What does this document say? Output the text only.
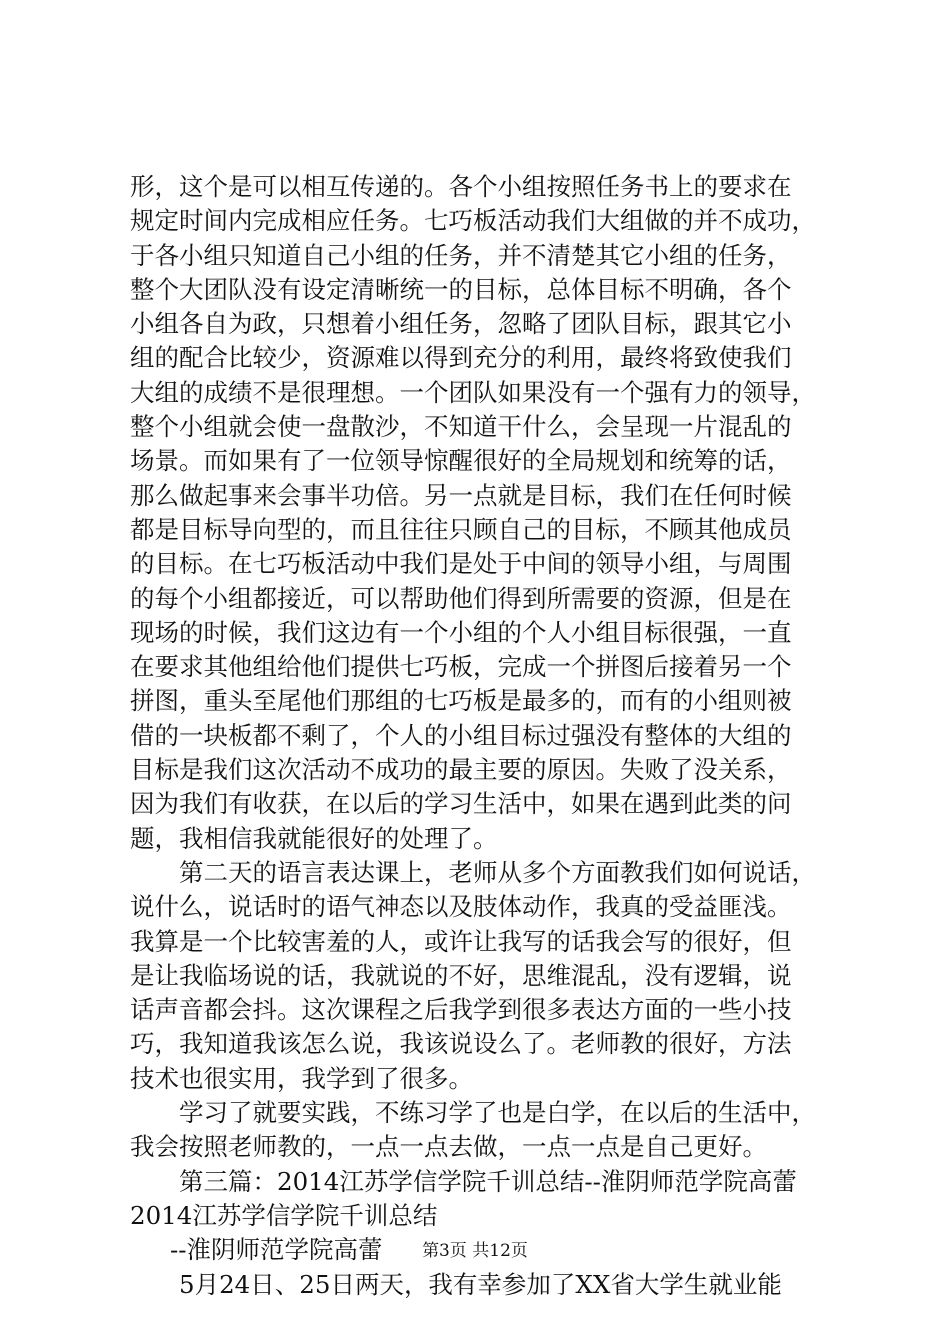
形，这个是可以相互传递的。各个小组按照任务书上的要求在
规定时间内完成相应任务。七巧板活动我们大组做的并不成功，
于各小组只知道自己小组的任务，并不清楚其它小组的任务，
整个大团队没有设定清晰统一的目标，总体目标不明确，各个
小组各自为政，只想着小组任务，忽略了团队目标，跟其它小
组的配合比较少，资源难以得到充分的利用，最终将致使我们
大组的成绩不是很理想。一个团队如果没有一个强有力的领导，
整个小组就会使一盘散沙，不知道干什么，会呈现一片混乱的
场景。而如果有了一位领导惊醒很好的全局规划和统筹的话，
那么做起事来会事半功倍。另一点就是目标，我们在任何时候
都是目标导向型的，而且往往只顾自己的目标，不顾其他成员
的目标。在七巧板活动中我们是处于中间的领导小组，与周围
的每个小组都接近，可以帮助他们得到所需要的资源，但是在
现场的时候，我们这边有一个小组的个人小组目标很强，一直
在要求其他组给他们提供七巧板，完成一个拼图后接着另一个
拼图，重头至尾他们那组的七巧板是最多的，而有的小组则被
借的一块板都不剩了，个人的小组目标过强没有整体的大组的
目标是我们这次活动不成功的最主要的原因。失败了没关系，
因为我们有收获，在以后的学习生活中，如果在遇到此类的问
题，我相信我就能很好的处理了。
第二天的语言表达课上，老师从多个方面教我们如何说话，
说什么，说话时的语气神态以及肢体动作，我真的受益匪浅。
我算是一个比较害羞的人，或许让我写的话我会写的很好，但
是让我临场说的话，我就说的不好，思维混乱，没有逻辑，说
话声音都会抖。这次课程之后我学到很多表达方面的一些小技
巧，我知道我该怎么说，我该说设么了。老师教的很好，方法
技术也很实用，我学到了很多。
学习了就要实践，不练习学了也是白学，在以后的生活中，
我会按照老师教的，一点一点去做，一点一点是自己更好。
第三篇：2014江苏学信学院千训总结--淮阴师范学院高蕾
2014江苏学信学院千训总结
--淮阴师范学院高蕾
5月24日、25日两天，我有幸参加了XX省大学生就业能
第3页 共12页
